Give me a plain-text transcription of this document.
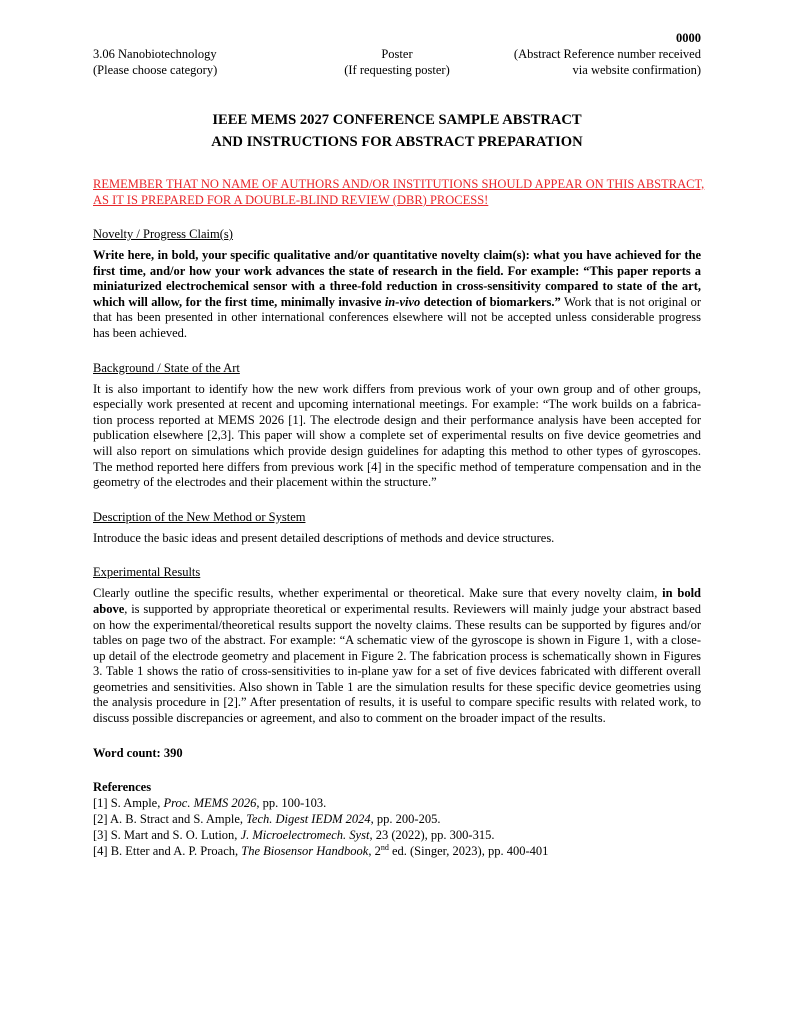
0000
3.06 Nanobiotechnology	Poster	(Abstract Reference number received
(Please choose category)	(If requesting poster)	via website confirmation)
IEEE MEMS 2027 CONFERENCE SAMPLE ABSTRACT
AND INSTRUCTIONS FOR ABSTRACT PREPARATION
REMEMBER THAT NO NAME OF AUTHORS AND/OR INSTITUTIONS SHOULD APPEAR ON THIS ABSTRACT,
AS IT IS PREPARED FOR A DOUBLE-BLIND REVIEW (DBR) PROCESS!
Novelty / Progress Claim(s)
Write here, in bold, your specific qualitative and/or quantitative novelty claim(s): what you have achieved for the first time, and/or how your work advances the state of research in the field. For example: “This paper reports a miniaturized electrochemical sensor with a three-fold reduction in cross-sensitivity compared to state of the art, which will allow, for the first time, minimally invasive in-vivo detection of biomarkers.” Work that is not original or that has been presented in other international conferences elsewhere will not be accepted unless considerable progress has been achieved.
Background / State of the Art
It is also important to identify how the new work differs from previous work of your own group and of other groups, especially work presented at recent and upcoming international meetings. For example: “The work builds on a fabrication process reported at MEMS 2026 [1]. The electrode design and their performance analysis have been accepted for publication elsewhere [2,3]. This paper will show a complete set of experimental results on five device geometries and will also report on simulations which provide design guidelines for adapting this method to other types of gyroscopes. The method reported here differs from previous work [4] in the specific method of temperature compensation and in the geometry of the electrodes and their placement within the structure.”
Description of the New Method or System
Introduce the basic ideas and present detailed descriptions of methods and device structures.
Experimental Results
Clearly outline the specific results, whether experimental or theoretical. Make sure that every novelty claim, in bold above, is supported by appropriate theoretical or experimental results. Reviewers will mainly judge your abstract based on how the experimental/theoretical results support the novelty claims. These results can be supported by figures and/or tables on page two of the abstract. For example: “A schematic view of the gyroscope is shown in Figure 1, with a close-up detail of the electrode geometry and placement in Figure 2. The fabrication process is schematically shown in Figures 3. Table 1 shows the ratio of cross-sensitivities to in-plane yaw for a set of five devices fabricated with different overall geometries and sensitivities. Also shown in Table 1 are the simulation results for these specific device geometries using the analysis procedure in [2].” After presentation of results, it is useful to compare specific results with related work, to discuss possible discrepancies or agreement, and also to comment on the broader impact of the results.
Word count: 390
References
[1] S. Ample, Proc. MEMS 2026, pp. 100-103.
[2] A. B. Stract and S. Ample, Tech. Digest IEDM 2024, pp. 200-205.
[3] S. Mart and S. O. Lution, J. Microelectromech. Syst, 23 (2022), pp. 300-315.
[4] B. Etter and A. P. Proach, The Biosensor Handbook, 2nd ed. (Singer, 2023), pp. 400-401
